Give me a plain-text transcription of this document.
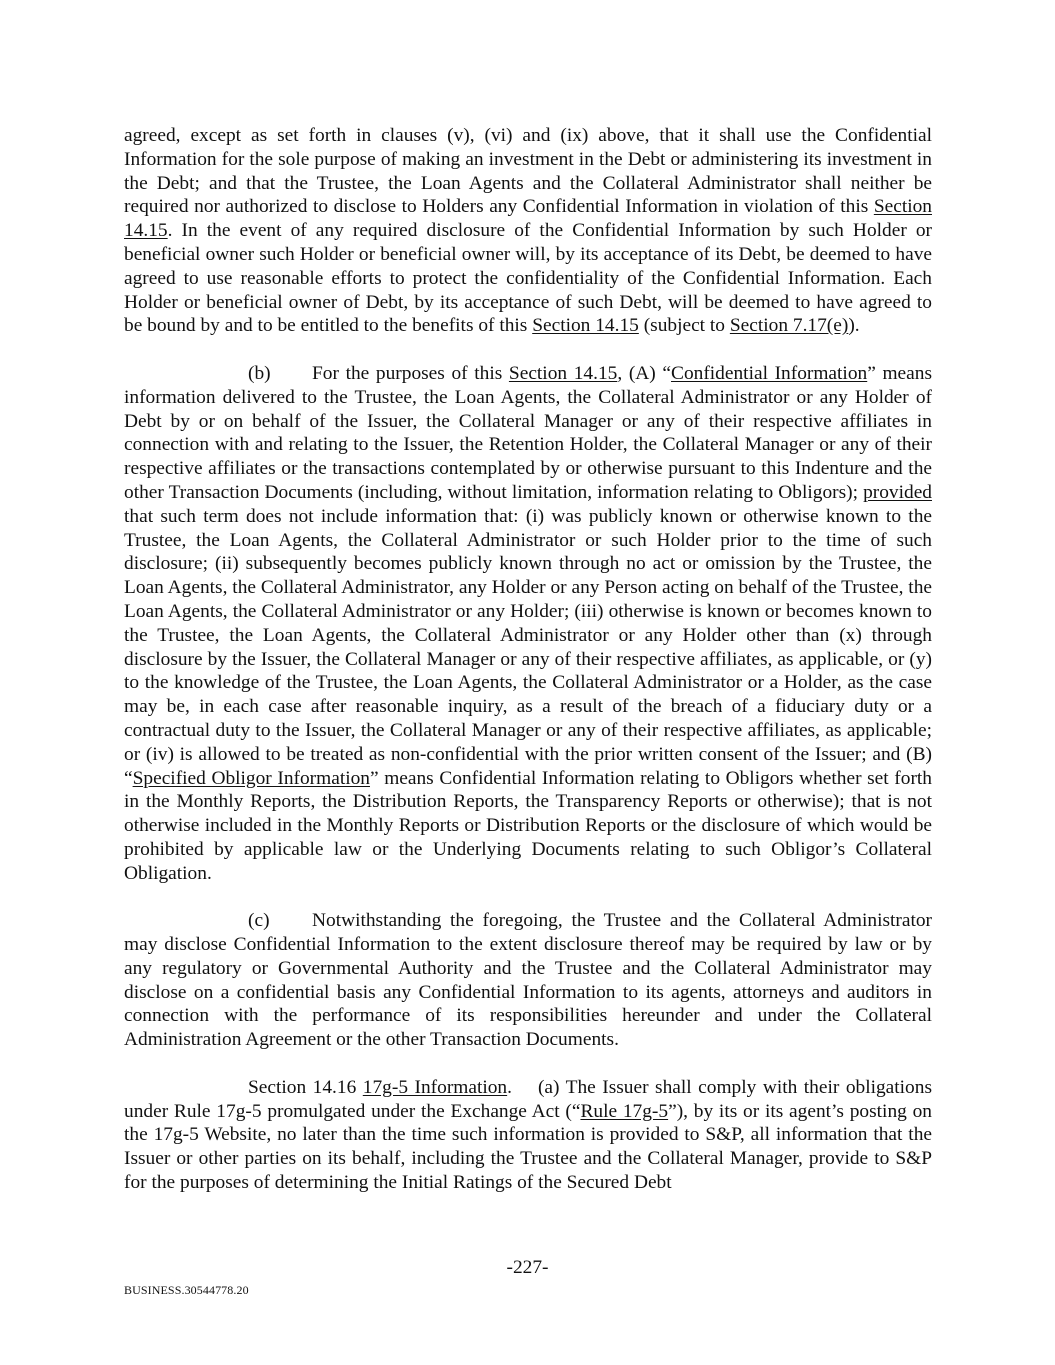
agreed, except as set forth in clauses (v), (vi) and (ix) above, that it shall use the Confidential Information for the sole purpose of making an investment in the Debt or administering its investment in the Debt; and that the Trustee, the Loan Agents and the Collateral Administrator shall neither be required nor authorized to disclose to Holders any Confidential Information in violation of this Section 14.15. In the event of any required disclosure of the Confidential Information by such Holder or beneficial owner such Holder or beneficial owner will, by its acceptance of its Debt, be deemed to have agreed to use reasonable efforts to protect the confidentiality of the Confidential Information. Each Holder or beneficial owner of Debt, by its acceptance of such Debt, will be deemed to have agreed to be bound by and to be entitled to the benefits of this Section 14.15 (subject to Section 7.17(e)).

(b) For the purposes of this Section 14.15, (A) “Confidential Information” means information delivered to the Trustee, the Loan Agents, the Collateral Administrator or any Holder of Debt by or on behalf of the Issuer, the Collateral Manager or any of their respective affiliates in connection with and relating to the Issuer, the Retention Holder, the Collateral Manager or any of their respective affiliates or the transactions contemplated by or otherwise pursuant to this Indenture and the other Transaction Documents (including, without limitation, information relating to Obligors); provided that such term does not include information that: (i) was publicly known or otherwise known to the Trustee, the Loan Agents, the Collateral Administrator or such Holder prior to the time of such disclosure; (ii) subsequently becomes publicly known through no act or omission by the Trustee, the Loan Agents, the Collateral Administrator, any Holder or any Person acting on behalf of the Trustee, the Loan Agents, the Collateral Administrator or any Holder; (iii) otherwise is known or becomes known to the Trustee, the Loan Agents, the Collateral Administrator or any Holder other than (x) through disclosure by the Issuer, the Collateral Manager or any of their respective affiliates, as applicable, or (y) to the knowledge of the Trustee, the Loan Agents, the Collateral Administrator or a Holder, as the case may be, in each case after reasonable inquiry, as a result of the breach of a fiduciary duty or a contractual duty to the Issuer, the Collateral Manager or any of their respective affiliates, as applicable; or (iv) is allowed to be treated as non-confidential with the prior written consent of the Issuer; and (B) “Specified Obligor Information” means Confidential Information relating to Obligors whether set forth in the Monthly Reports, the Distribution Reports, the Transparency Reports or otherwise); that is not otherwise included in the Monthly Reports or Distribution Reports or the disclosure of which would be prohibited by applicable law or the Underlying Documents relating to such Obligor’s Collateral Obligation.

(c) Notwithstanding the foregoing, the Trustee and the Collateral Administrator may disclose Confidential Information to the extent disclosure thereof may be required by law or by any regulatory or Governmental Authority and the Trustee and the Collateral Administrator may disclose on a confidential basis any Confidential Information to its agents, attorneys and auditors in connection with the performance of its responsibilities hereunder and under the Collateral Administration Agreement or the other Transaction Documents.

Section 14.16 17g-5 Information.    (a) The Issuer shall comply with their obligations under Rule 17g-5 promulgated under the Exchange Act (“Rule 17g-5”), by its or its agent’s posting on the 17g-5 Website, no later than the time such information is provided to S&P, all information that the Issuer or other parties on its behalf, including the Trustee and the Collateral Manager, provide to S&P for the purposes of determining the Initial Ratings of the Secured Debt

-227-
BUSINESS.30544778.20
